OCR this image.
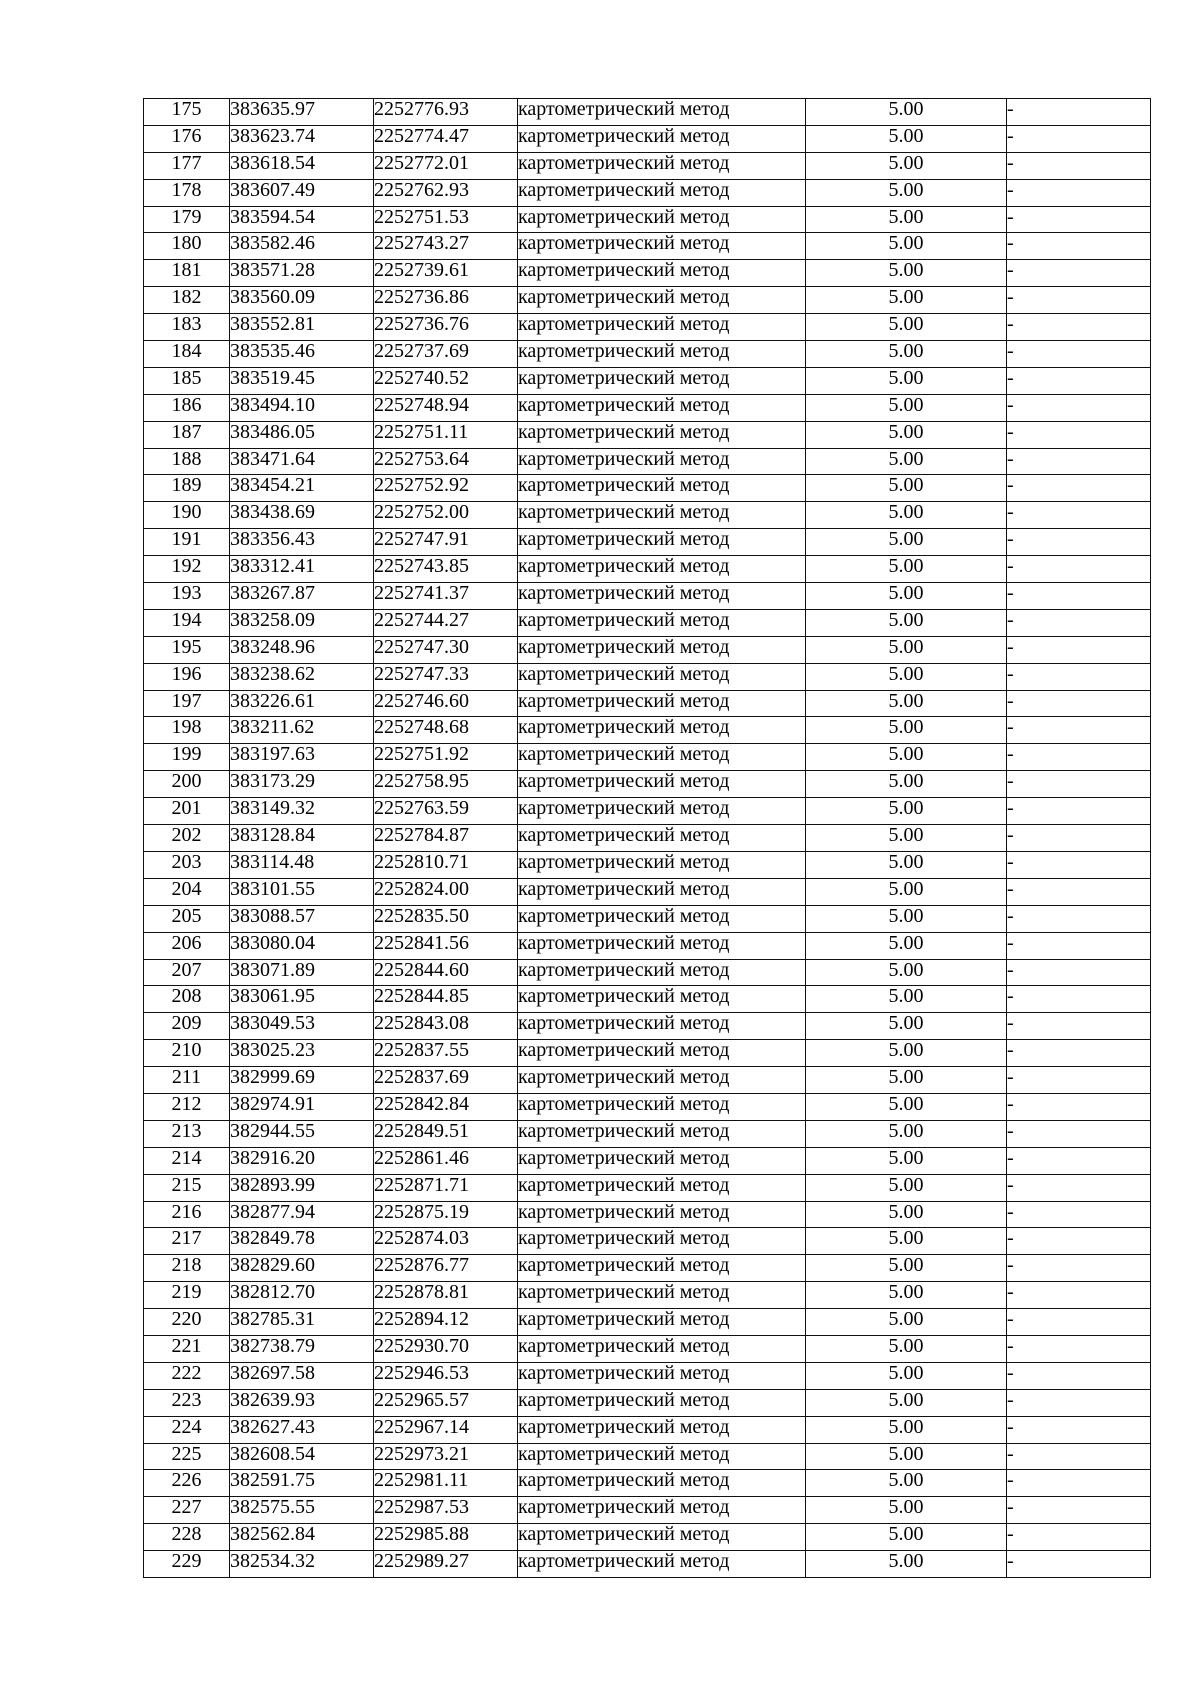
175	383635.97	2252776.93	картометрический метод	5.00	-
176	383623.74	2252774.47	картометрический метод	5.00	-
177	383618.54	2252772.01	картометрический метод	5.00	-
178	383607.49	2252762.93	картометрический метод	5.00	-
179	383594.54	2252751.53	картометрический метод	5.00	-
180	383582.46	2252743.27	картометрический метод	5.00	-
181	383571.28	2252739.61	картометрический метод	5.00	-
182	383560.09	2252736.86	картометрический метод	5.00	-
183	383552.81	2252736.76	картометрический метод	5.00	-
184	383535.46	2252737.69	картометрический метод	5.00	-
185	383519.45	2252740.52	картометрический метод	5.00	-
186	383494.10	2252748.94	картометрический метод	5.00	-
187	383486.05	2252751.11	картометрический метод	5.00	-
188	383471.64	2252753.64	картометрический метод	5.00	-
189	383454.21	2252752.92	картометрический метод	5.00	-
190	383438.69	2252752.00	картометрический метод	5.00	-
191	383356.43	2252747.91	картометрический метод	5.00	-
192	383312.41	2252743.85	картометрический метод	5.00	-
193	383267.87	2252741.37	картометрический метод	5.00	-
194	383258.09	2252744.27	картометрический метод	5.00	-
195	383248.96	2252747.30	картометрический метод	5.00	-
196	383238.62	2252747.33	картометрический метод	5.00	-
197	383226.61	2252746.60	картометрический метод	5.00	-
198	383211.62	2252748.68	картометрический метод	5.00	-
199	383197.63	2252751.92	картометрический метод	5.00	-
200	383173.29	2252758.95	картометрический метод	5.00	-
201	383149.32	2252763.59	картометрический метод	5.00	-
202	383128.84	2252784.87	картометрический метод	5.00	-
203	383114.48	2252810.71	картометрический метод	5.00	-
204	383101.55	2252824.00	картометрический метод	5.00	-
205	383088.57	2252835.50	картометрический метод	5.00	-
206	383080.04	2252841.56	картометрический метод	5.00	-
207	383071.89	2252844.60	картометрический метод	5.00	-
208	383061.95	2252844.85	картометрический метод	5.00	-
209	383049.53	2252843.08	картометрический метод	5.00	-
210	383025.23	2252837.55	картометрический метод	5.00	-
211	382999.69	2252837.69	картометрический метод	5.00	-
212	382974.91	2252842.84	картометрический метод	5.00	-
213	382944.55	2252849.51	картометрический метод	5.00	-
214	382916.20	2252861.46	картометрический метод	5.00	-
215	382893.99	2252871.71	картометрический метод	5.00	-
216	382877.94	2252875.19	картометрический метод	5.00	-
217	382849.78	2252874.03	картометрический метод	5.00	-
218	382829.60	2252876.77	картометрический метод	5.00	-
219	382812.70	2252878.81	картометрический метод	5.00	-
220	382785.31	2252894.12	картометрический метод	5.00	-
221	382738.79	2252930.70	картометрический метод	5.00	-
222	382697.58	2252946.53	картометрический метод	5.00	-
223	382639.93	2252965.57	картометрический метод	5.00	-
224	382627.43	2252967.14	картометрический метод	5.00	-
225	382608.54	2252973.21	картометрический метод	5.00	-
226	382591.75	2252981.11	картометрический метод	5.00	-
227	382575.55	2252987.53	картометрический метод	5.00	-
228	382562.84	2252985.88	картометрический метод	5.00	-
229	382534.32	2252989.27	картометрический метод	5.00	-
